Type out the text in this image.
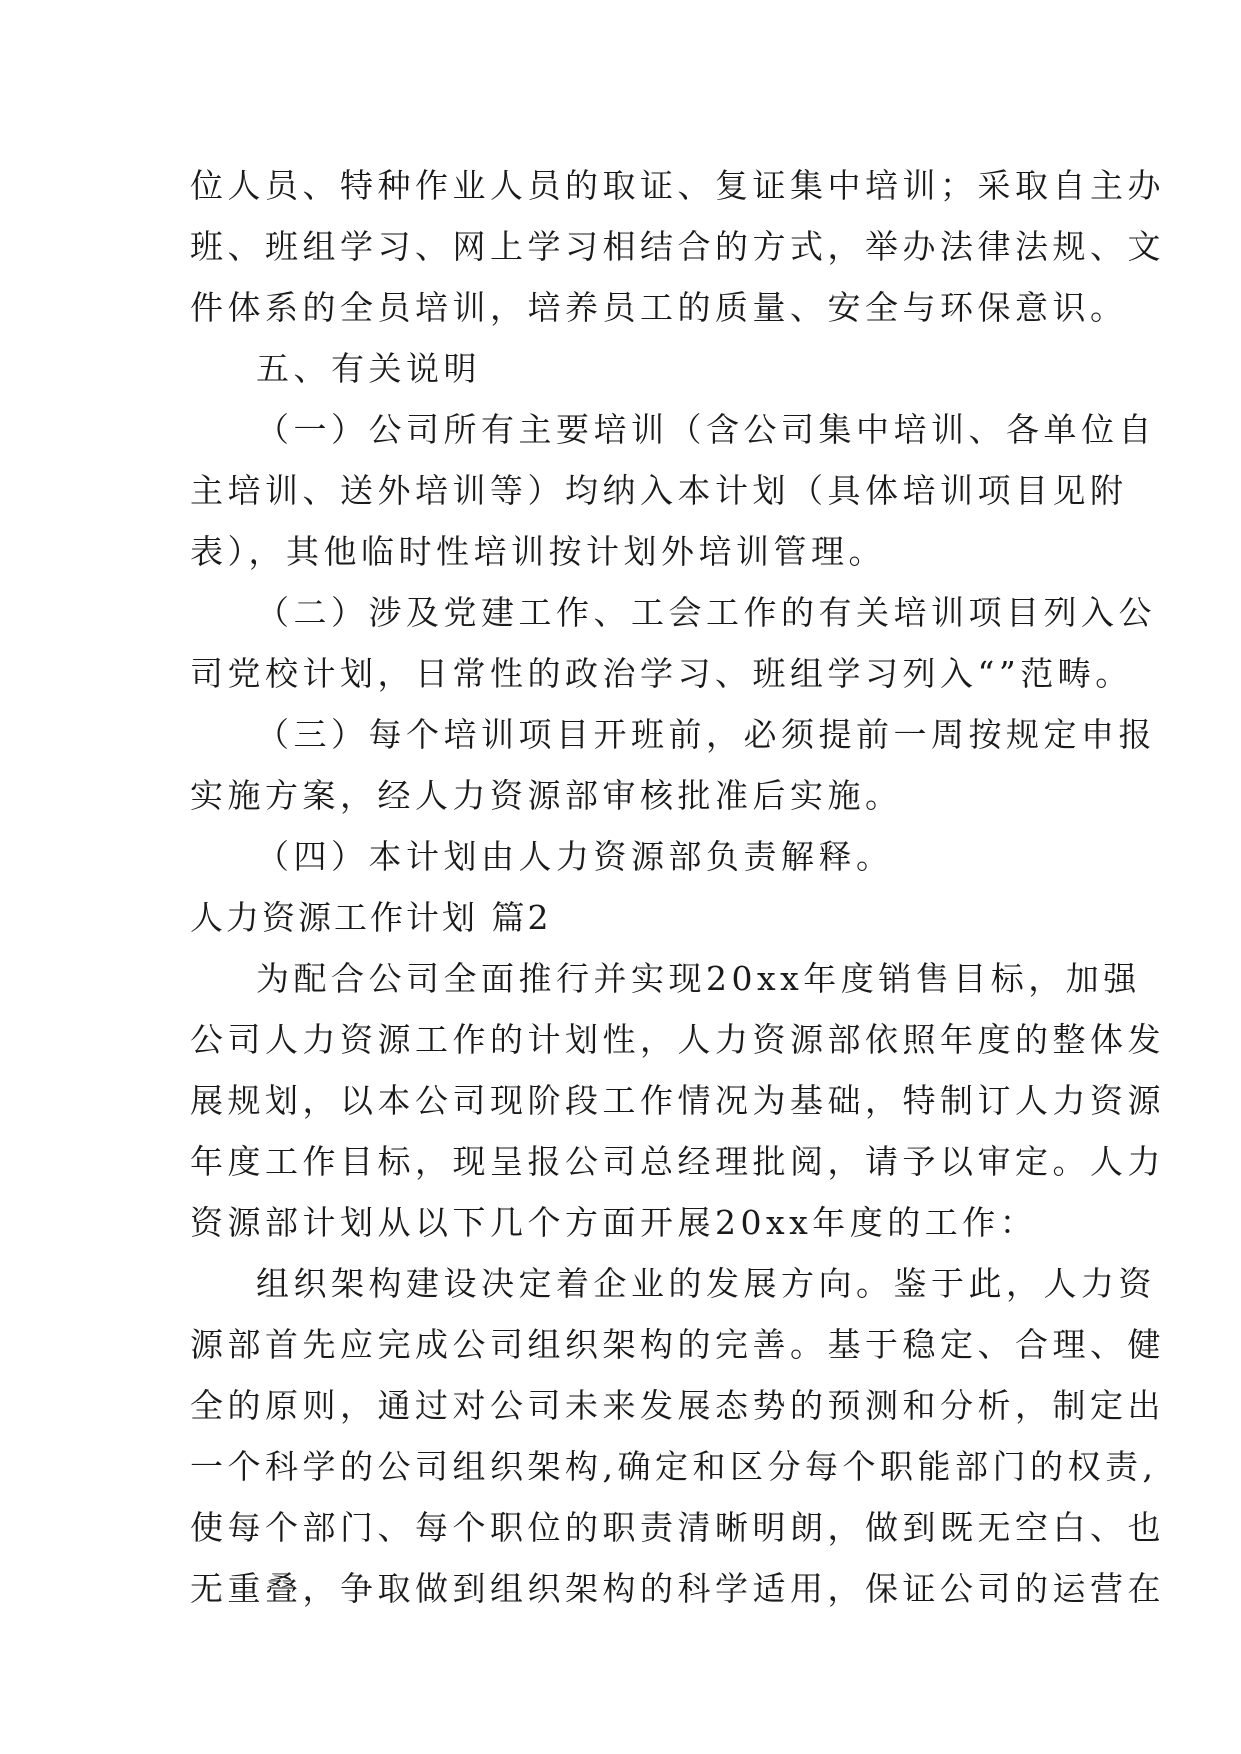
位人员、特种作业人员的取证、复证集中培训；采取自主办
班、班组学习、网上学习相结合的方式，举办法律法规、文
件体系的全员培训，培养员工的质量、安全与环保意识。
五、有关说明
（一）公司所有主要培训（含公司集中培训、各单位自
主培训、送外培训等）均纳入本计划（具体培训项目见附
表），其他临时性培训按计划外培训管理。
（二）涉及党建工作、工会工作的有关培训项目列入公
司党校计划，日常性的政治学习、班组学习列入“”范畴。
（三）每个培训项目开班前，必须提前一周按规定申报
实施方案，经人力资源部审核批准后实施。
（四）本计划由人力资源部负责解释。
人力资源工作计划 篇2
为配合公司全面推行并实现20xx年度销售目标，加强
公司人力资源工作的计划性，人力资源部依照年度的整体发
展规划，以本公司现阶段工作情况为基础，特制订人力资源
年度工作目标，现呈报公司总经理批阅，请予以审定。人力
资源部计划从以下几个方面开展20xx年度的工作：
组织架构建设决定着企业的发展方向。鉴于此，人力资
源部首先应完成公司组织架构的完善。基于稳定、合理、健
全的原则，通过对公司未来发展态势的预测和分析，制定出
一个科学的公司组织架构,确定和区分每个职能部门的权责,
使每个部门、每个职位的职责清晰明朗，做到既无空白、也
无重叠，争取做到组织架构的科学适用，保证公司的运营在
